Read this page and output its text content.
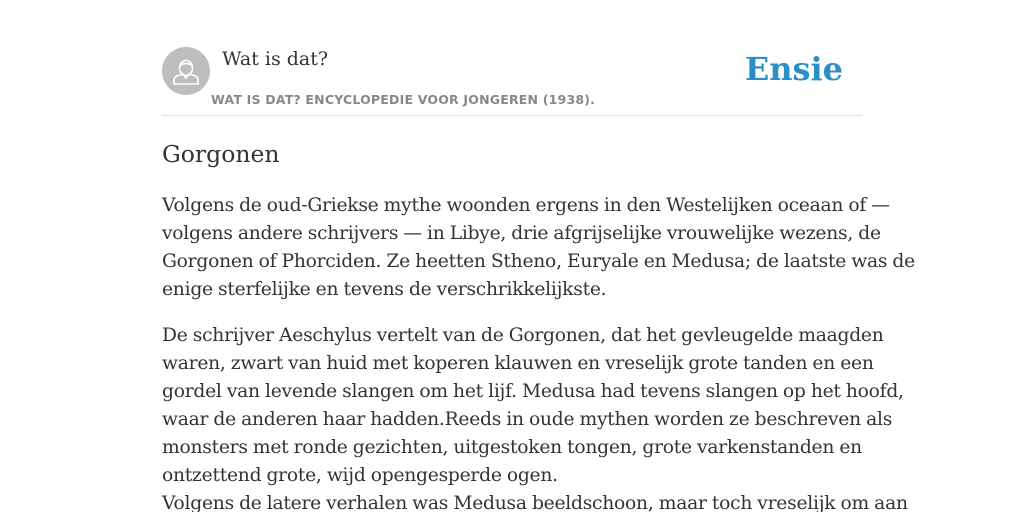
Wat is dat?
WAT IS DAT? ENCYCLOPEDIE VOOR JONGEREN (1938).
Ensie
Gorgonen

Volgens de oud-Griekse mythe woonden ergens in den Westelijken oceaan of —
volgens andere schrijvers — in Libye, drie afgrijselijke vrouwelijke wezens, de
Gorgonen of Phorciden. Ze heetten Stheno, Euryale en Medusa; de laatste was de
enige sterfelijke en tevens de verschrikkelijkste.

De schrijver Aeschylus vertelt van de Gorgonen, dat het gevleugelde maagden
waren, zwart van huid met koperen klauwen en vreselijk grote tanden en een
gordel van levende slangen om het lijf. Medusa had tevens slangen op het hoofd,
waar de anderen haar hadden.Reeds in oude mythen worden ze beschreven als
monsters met ronde gezichten, uitgestoken tongen, grote varkenstanden en
ontzettend grote, wijd opengesperde ogen.
Volgens de latere verhalen was Medusa beeldschoon, maar toch vreselijk om aan
